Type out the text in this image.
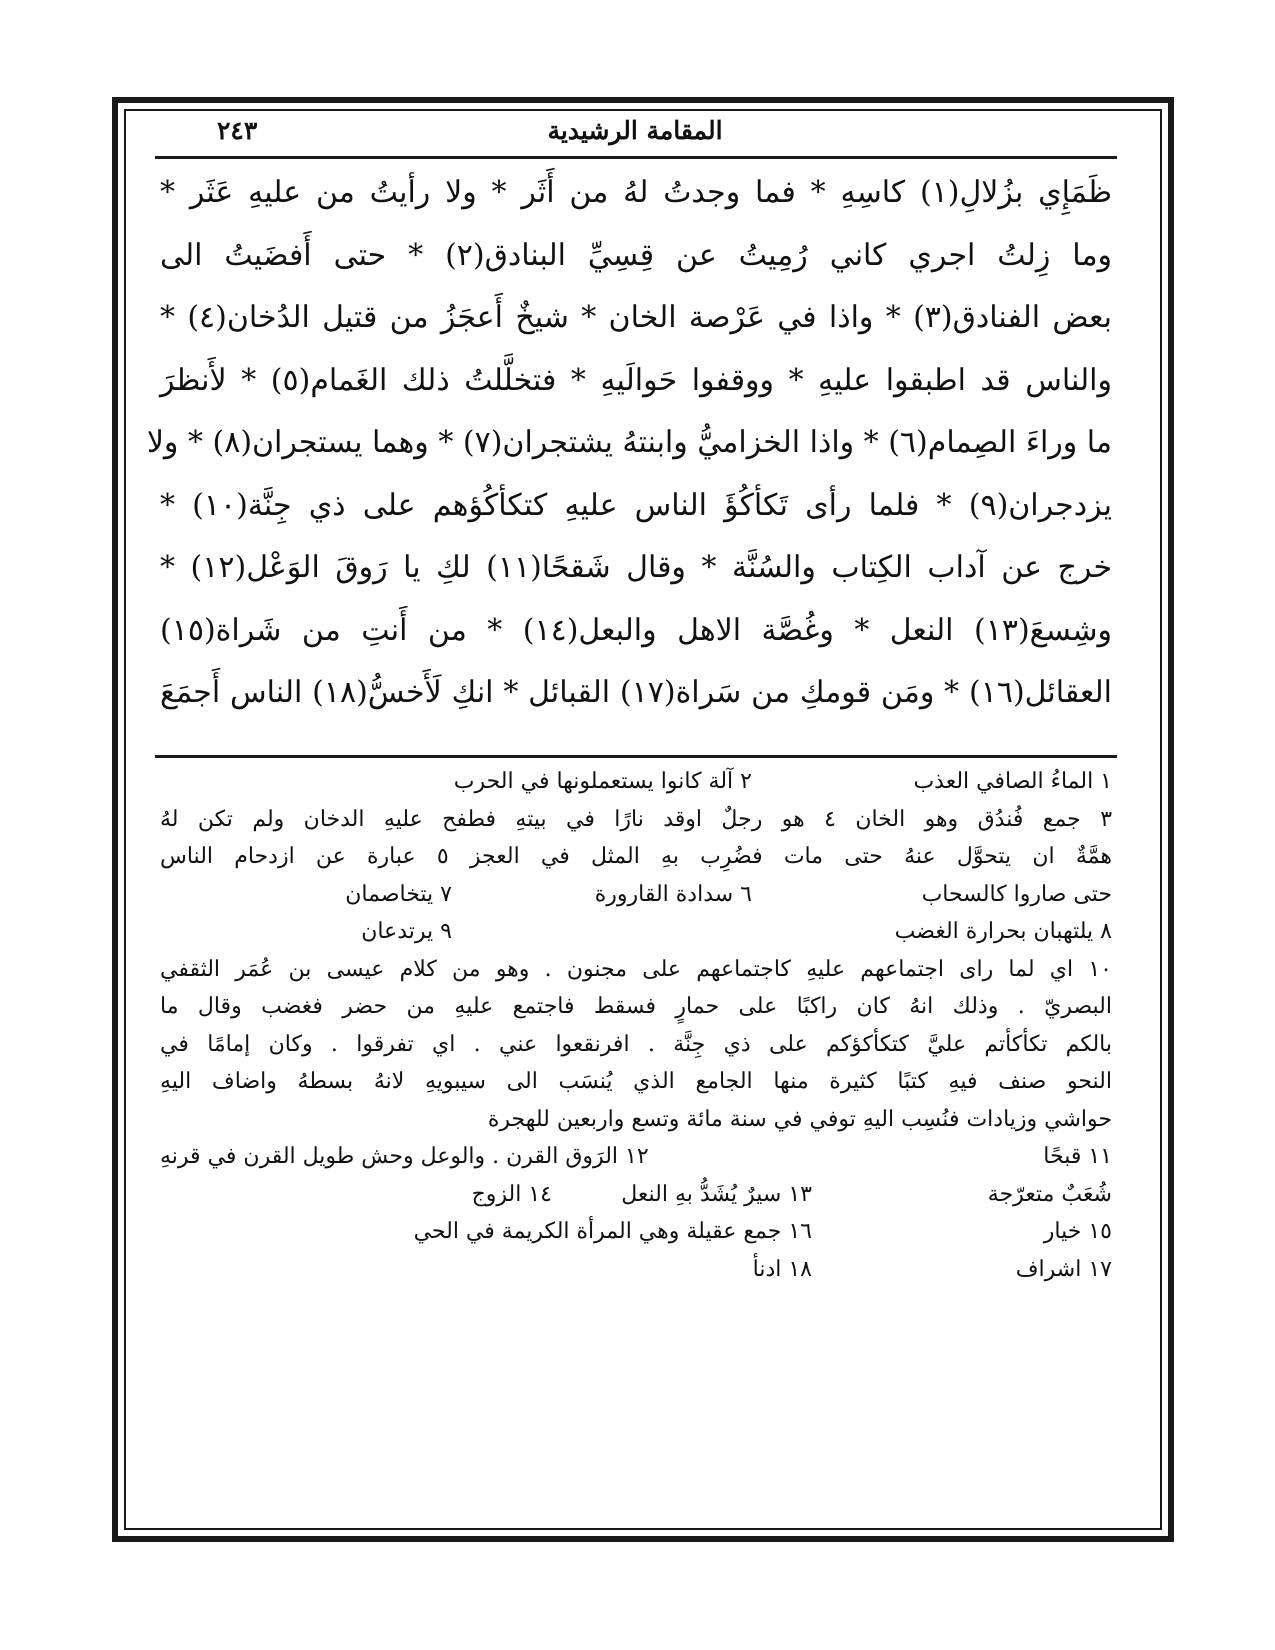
المقامة الرشيدية
٢٤٣
ظَمَإِي بزُلالِ(١) كاسِهِ * فما وجدتُ لهُ من أَثَر * ولا رأيتُ من عليهِ عَثَر *
وما زِلتُ اجري كاني رُمِيتُ عن قِسِيِّ البنادق(٢) * حتى أَفضَيتُ الى
بعض الفنادق(٣) * واذا في عَرْصة الخان * شيخٌ أَعجَزُ من قتيل الدُخان(٤) *
والناس قد اطبقوا عليهِ * ووقفوا حَوالَيهِ * فتخلَّلتُ ذلك الغَمام(٥) * لأَنظرَ
ما وراءَ الصِمام(٦) * واذا الخزاميُّ وابنتهُ يشتجران(٧) * وهما يستجران(٨) * ولا
يزدجران(٩) * فلما رأى تَكأكُؤَ الناس عليهِ كتكأكُؤهم على ذي جِنَّة(١٠) *
خرج عن آداب الكِتاب والسُنَّة * وقال شَقحًا(١١) لكِ يا رَوقَ الوَعْل(١٢) *
وشِسعَ(١٣) النعل * وغُصَّة الاهل والبعل(١٤) * من أَنتِ من شَراة(١٥)
العقائل(١٦) * ومَن قومكِ من سَراة(١٧) القبائل * انكِ لَأَخسُّ(١٨) الناس أَجمَعَ
١ الماءُ الصافي العذب
٢ آلة كانوا يستعملونها في الحرب
٣ جمع فُندُق وهو الخان ٤ هو رجلٌ اوقد نارًا في بيتهِ فطفح عليهِ الدخان ولم تكن لهُ
همَّةٌ ان يتحوَّل عنهُ حتى مات فضُرِب بهِ المثل في العجز ٥ عبارة عن ازدحام الناس
حتى صاروا كالسحاب
٦ سدادة القارورة
٧ يتخاصمان
٨ يلتهبان بحرارة الغضب
٩ يرتدعان
١٠ اي لما راى اجتماعهم عليهِ كاجتماعهم على مجنون . وهو من كلام عيسى بن عُمَر الثقفي
البصريّ . وذلك انهُ كان راكبًا على حمارٍ فسقط فاجتمع عليهِ من حضر فغضب وقال ما
بالكم تكأكأتم عليَّ كتكأكؤكم على ذي جِنَّة . افرنقعوا عني . اي تفرقوا . وكان إمامًا في
النحو صنف فيهِ كتبًا كثيرة منها الجامع الذي يُنسَب الى سيبويهِ لانهُ بسطهُ واضاف اليهِ
حواشي وزيادات فنُسِب اليهِ توفي في سنة مائة وتسع واربعين للهجرة
١١ قبحًا
١٢ الرَوق القرن . والوعل وحش طويل القرن في قرنهِ
شُعَبٌ متعرّجة
١٣ سيرٌ يُشَدُّ بهِ النعل
١٤ الزوج
١٥ خيار
١٦ جمع عقيلة وهي المرأة الكريمة في الحي
١٧ اشراف
١٨ ادنأ
